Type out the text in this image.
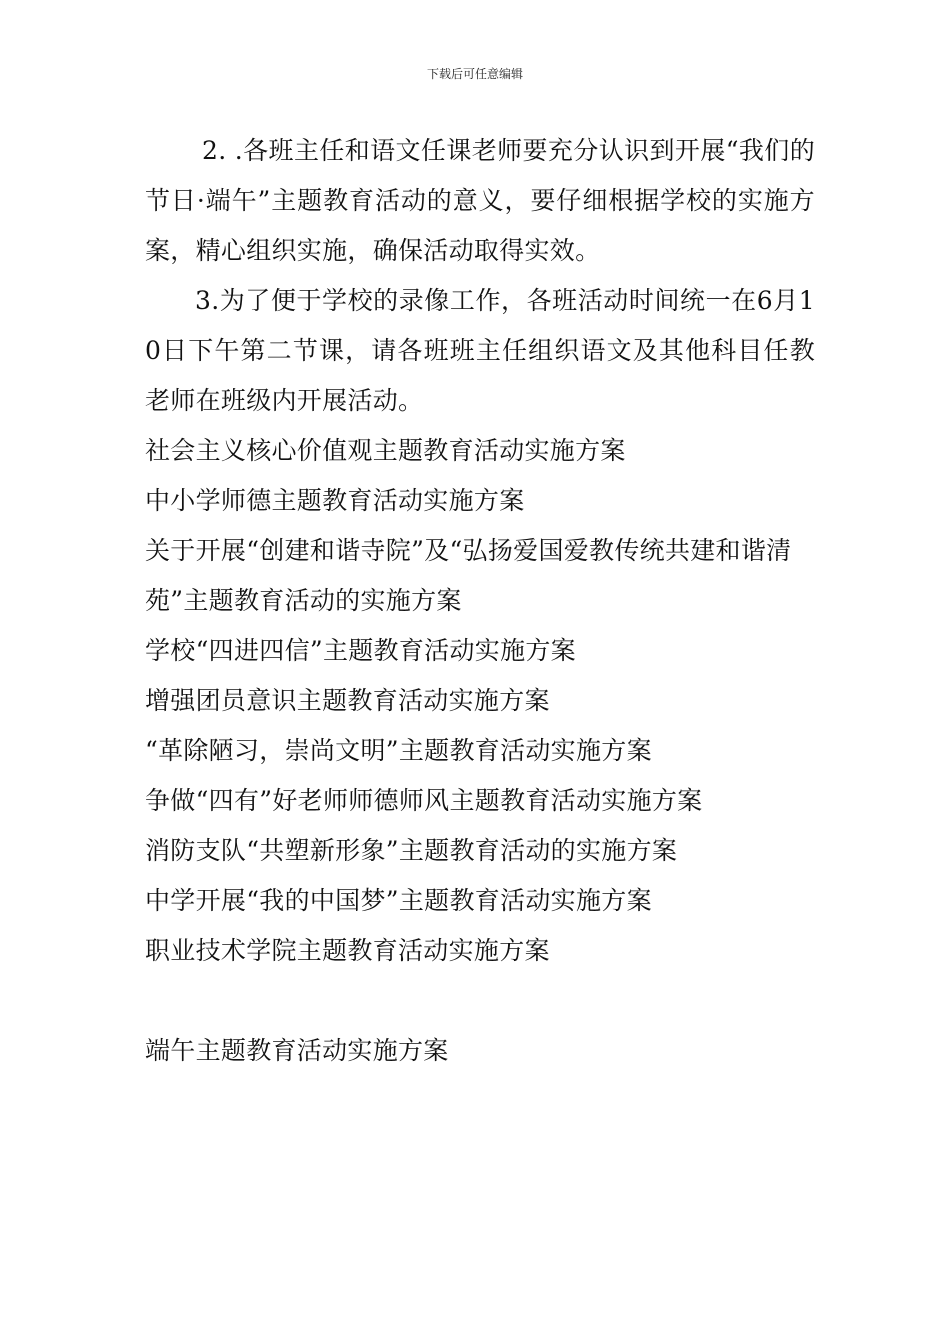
下载后可任意编辑

2. .各班主任和语文任课老师要充分认识到开展“我们的节日·端午”主题教育活动的意义，要仔细根据学校的实施方案，精心组织实施，确保活动取得实效。

3.为了便于学校的录像工作，各班活动时间统一在6月10日下午第二节课，请各班班主任组织语文及其他科目任教老师在班级内开展活动。

社会主义核心价值观主题教育活动实施方案
中小学师德主题教育活动实施方案
关于开展“创建和谐寺院”及“弘扬爱国爱教传统共建和谐清苑”主题教育活动的实施方案
学校“四进四信”主题教育活动实施方案
增强团员意识主题教育活动实施方案
“革除陋习，崇尚文明”主题教育活动实施方案
争做“四有”好老师师德师风主题教育活动实施方案
消防支队“共塑新形象”主题教育活动的实施方案
中学开展“我的中国梦”主题教育活动实施方案
职业技术学院主题教育活动实施方案

端午主题教育活动实施方案
